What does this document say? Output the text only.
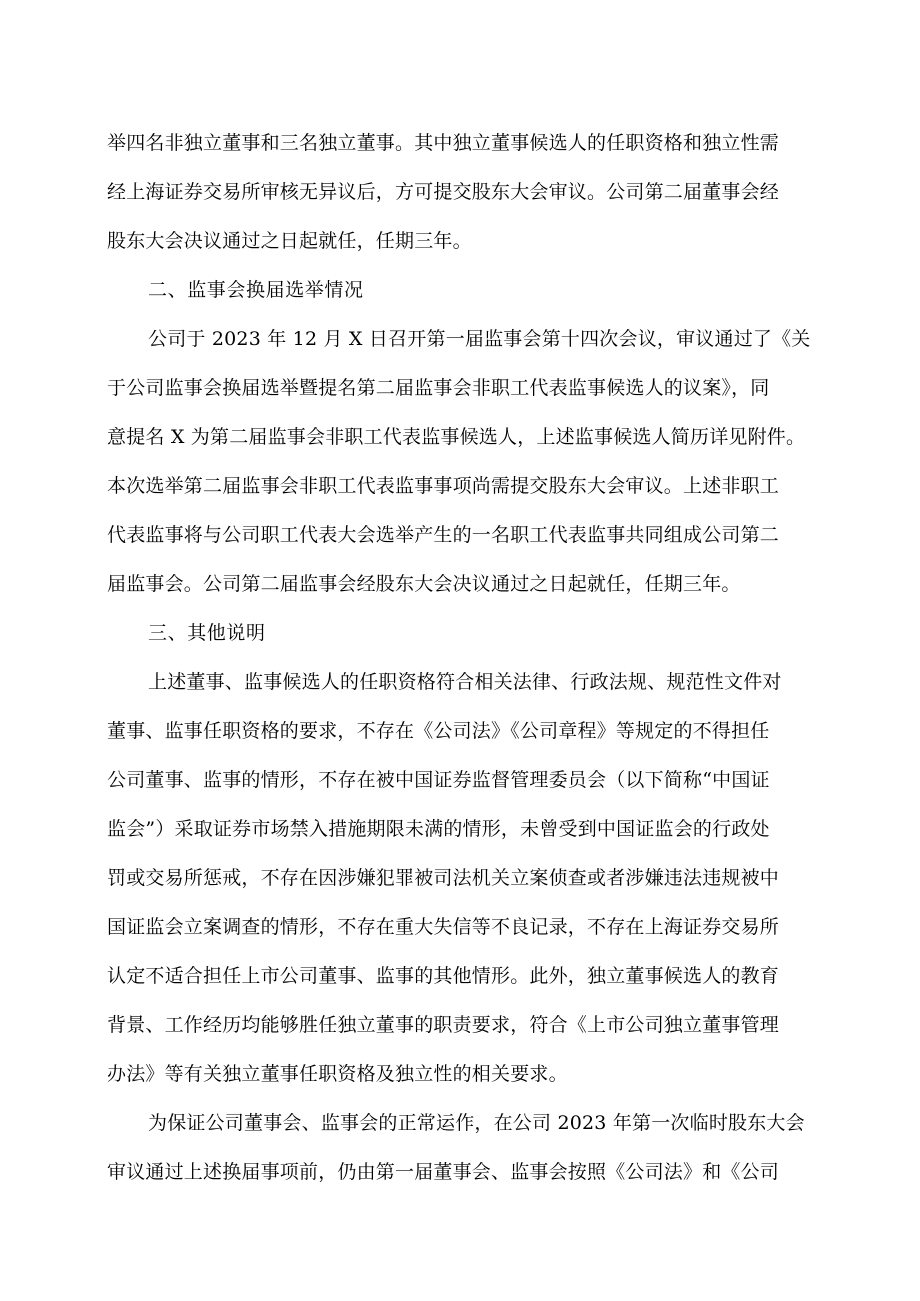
举四名非独立董事和三名独立董事。其中独立董事候选人的任职资格和独立性需
经上海证券交易所审核无异议后，方可提交股东大会审议。公司第二届董事会经
股东大会决议通过之日起就任，任期三年。
二、监事会换届选举情况
公司于 2023 年 12 月 X 日召开第一届监事会第十四次会议，审议通过了《关
于公司监事会换届选举暨提名第二届监事会非职工代表监事候选人的议案》，同
意提名 X 为第二届监事会非职工代表监事候选人，上述监事候选人简历详见附件。
本次选举第二届监事会非职工代表监事事项尚需提交股东大会审议。上述非职工
代表监事将与公司职工代表大会选举产生的一名职工代表监事共同组成公司第二
届监事会。公司第二届监事会经股东大会决议通过之日起就任，任期三年。
三、其他说明
上述董事、监事候选人的任职资格符合相关法律、行政法规、规范性文件对
董事、监事任职资格的要求，不存在《公司法》《公司章程》等规定的不得担任
公司董事、监事的情形，不存在被中国证券监督管理委员会（以下简称“中国证
监会”）采取证券市场禁入措施期限未满的情形，未曾受到中国证监会的行政处
罚或交易所惩戒，不存在因涉嫌犯罪被司法机关立案侦查或者涉嫌违法违规被中
国证监会立案调查的情形，不存在重大失信等不良记录，不存在上海证券交易所
认定不适合担任上市公司董事、监事的其他情形。此外，独立董事候选人的教育
背景、工作经历均能够胜任独立董事的职责要求，符合《上市公司独立董事管理
办法》等有关独立董事任职资格及独立性的相关要求。
为保证公司董事会、监事会的正常运作，在公司 2023 年第一次临时股东大会
审议通过上述换届事项前，仍由第一届董事会、监事会按照《公司法》和《公司
